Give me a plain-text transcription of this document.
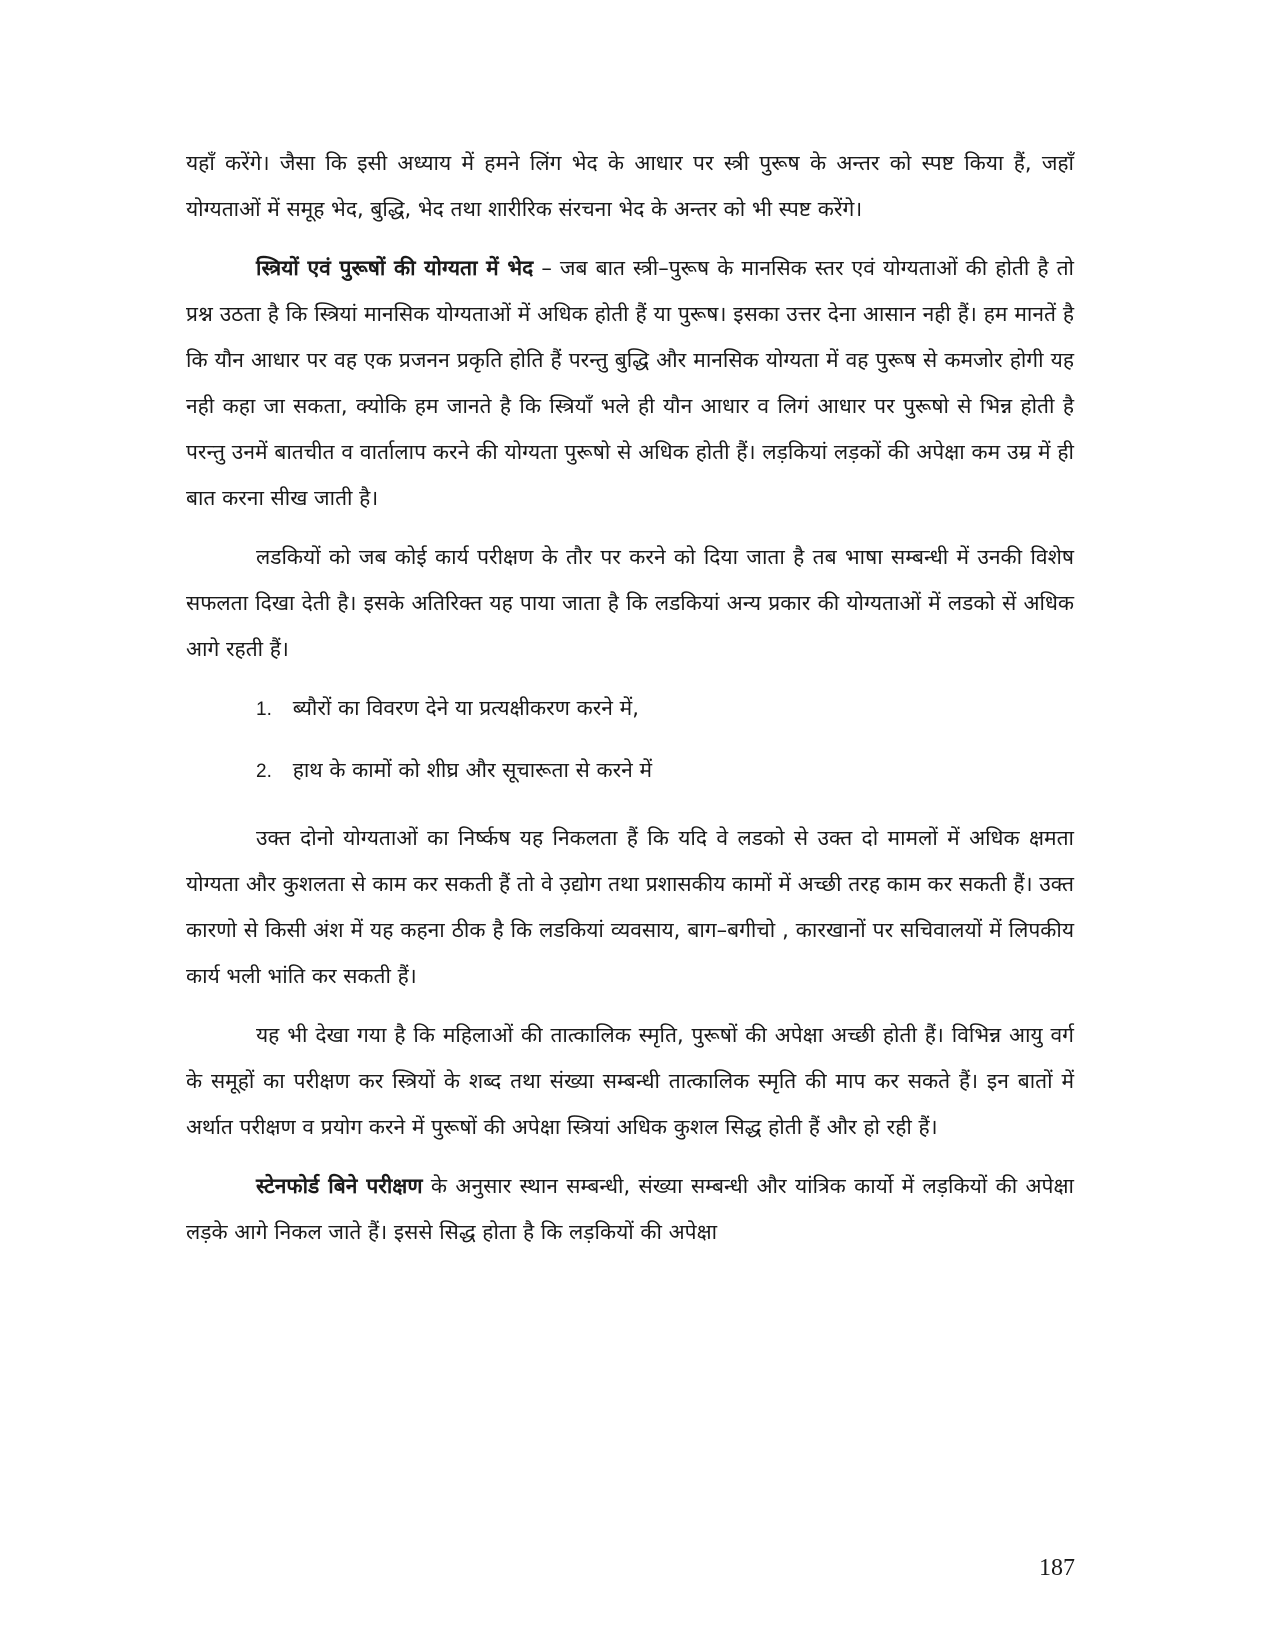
यहाँ करेंगे। जैसा कि इसी अध्याय में हमने लिंग भेद के आधार पर स्त्री पुरूष के अन्तर को स्पष्ट किया हैं, जहाँ योग्यताओं में समूह भेद, बुद्धि, भेद तथा शारीरिक संरचना भेद के अन्तर को भी स्पष्ट करेंगे।

स्त्रियों एवं पुरूषों की योग्यता में भेद – जब बात स्त्री–पुरूष के मानसिक स्तर एवं योग्यताओं की होती है तो प्रश्न उठता है कि स्त्रियां मानसिक योग्यताओं में अधिक होती हैं या पुरूष। इसका उत्तर देना आसान नही हैं। हम मानतें है कि यौन आधार पर वह एक प्रजनन प्रकृति होति हैं परन्तु बुद्धि और मानसिक योग्यता में वह पुरूष से कमजोर होगी यह नही कहा जा सकता, क्योकि हम जानते है कि स्त्रियॉं भले ही यौन आधार व लिगं आधार पर पुरूषो से भिन्न होती है परन्तु उनमें बातचीत व वार्तालाप करने की योग्यता पुरूषो से अधिक होती हैं। लड़कियां लड़कों की अपेक्षा कम उम्र में ही बात करना सीख जाती है।

लडकियों को जब कोई कार्य परीक्षण के तौर पर करने को दिया जाता है तब भाषा सम्बन्धी में उनकी विशेष सफलता दिखा देती है। इसके अतिरिक्त यह पाया जाता है कि लडकियां अन्य प्रकार की योग्यताओं में लडको सें अधिक आगे रहती हैं।

1. ब्यौरों का विवरण देने या प्रत्यक्षीकरण करने में,
2. हाथ के कामों को शीघ्र और सूचारूता से करने में

उक्त दोनो योग्यताओं का निर्ष्कष यह निकलता हैं कि यदि वे लडको से उक्त दो मामलों में अधिक क्षमता योग्यता और कुशलता से काम कर सकती हैं तो वे उ़द्योग तथा प्रशासकीय कामों में अच्छी तरह काम कर सकती हैं। उक्त कारणो से किसी अंश में यह कहना ठीक है कि लडकियां व्यवसाय, बाग–बगीचो , कारखानों पर सचिवालयों में लिपकीय कार्य भली भांति कर सकती हैं।

यह भी देखा गया है कि महिलाओं की तात्कालिक स्मृति, पुरूषों की अपेक्षा अच्छी होती हैं। विभिन्न आयु वर्ग के समूहों का परीक्षण कर स्त्रियों के शब्द तथा संख्या सम्बन्धी तात्कालिक स्मृति की माप कर सकते हैं। इन बातों में अर्थात परीक्षण व प्रयोग करने में पुरूषों की अपेक्षा स्त्रियां अधिक कुशल सिद्ध होती हैं और हो रही हैं।

स्टेनफोर्ड बिने परीक्षण के अनुसार स्थान सम्बन्धी, संख्या सम्बन्धी और यांत्रिक कार्यो में लड़कियों की अपेक्षा लड़के आगे निकल जाते हैं। इससे सिद्ध होता है कि लड़कियों की अपेक्षा

187
